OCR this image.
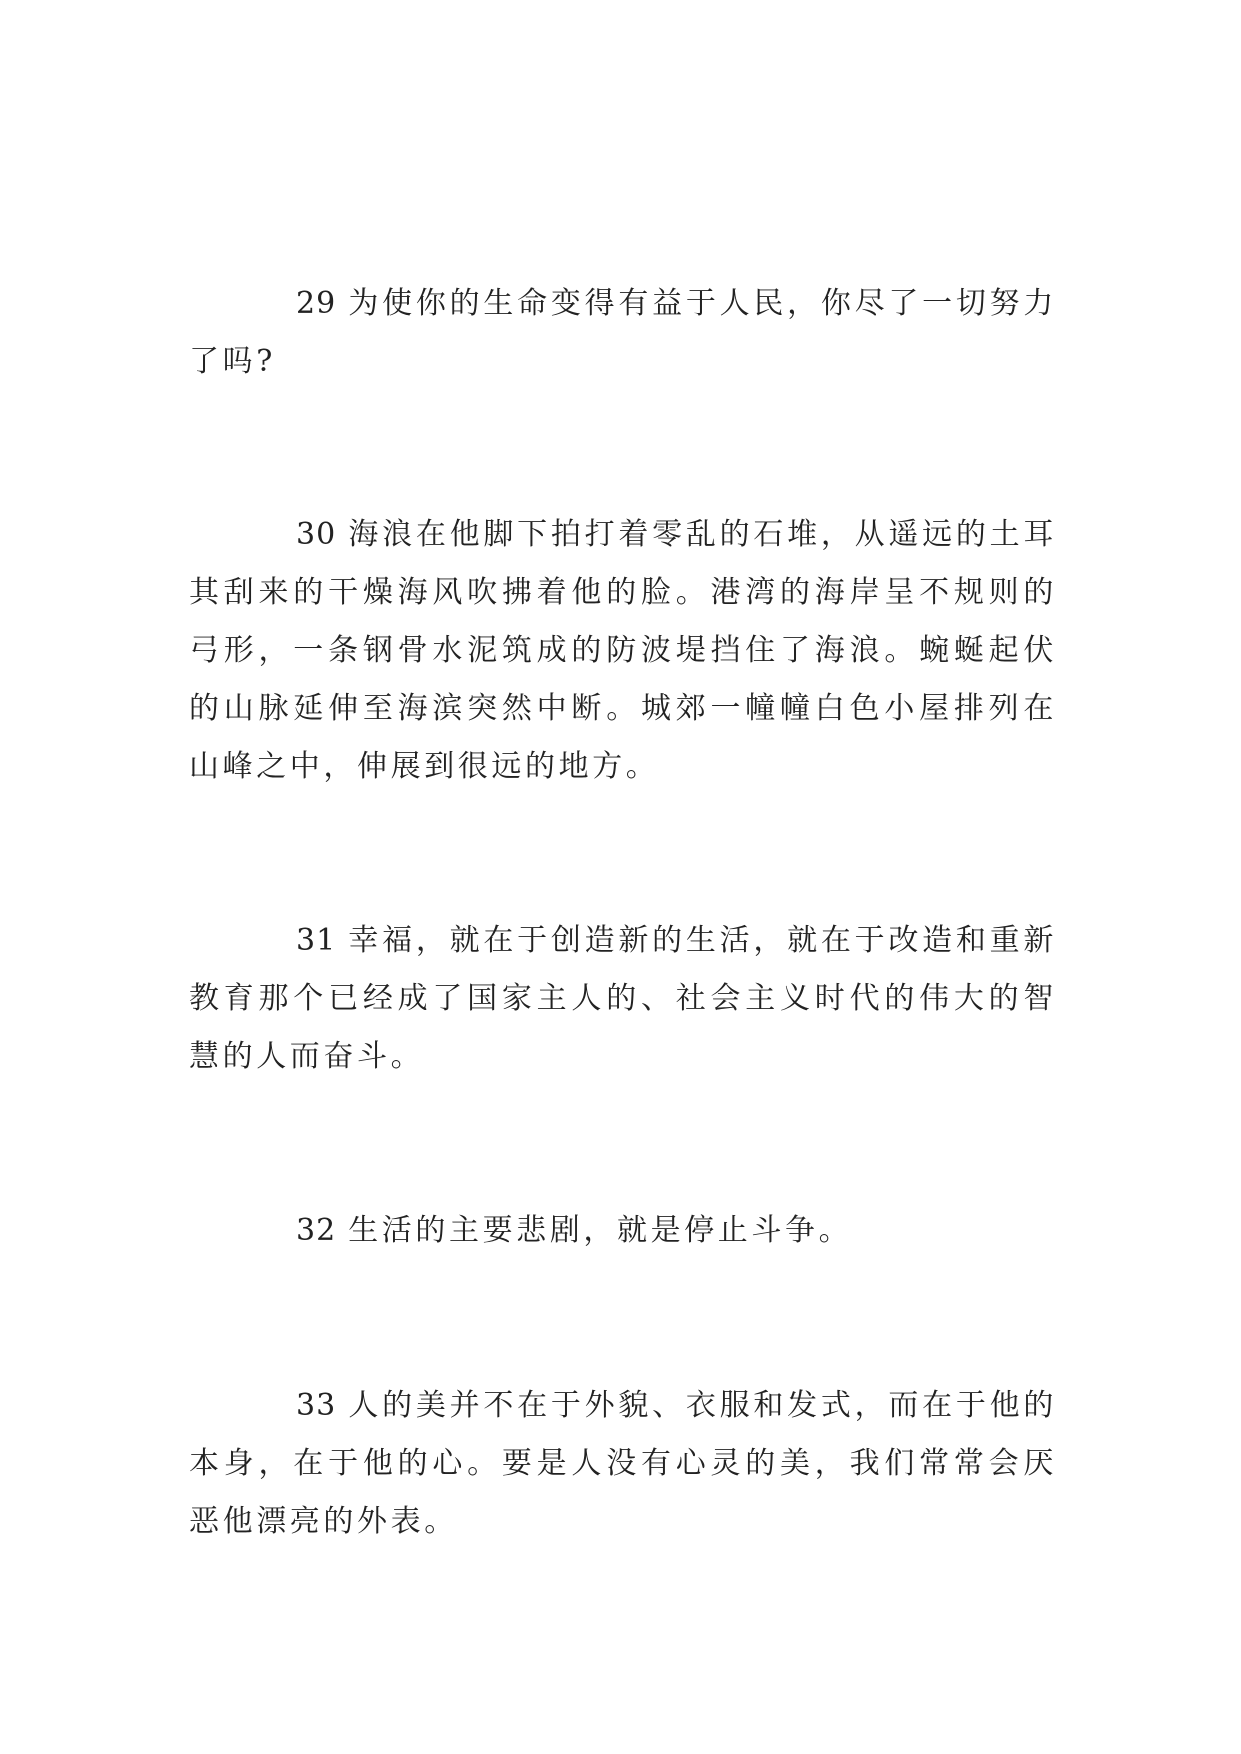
29 为使你的生命变得有益于人民，你尽了一切努力了吗?

30 海浪在他脚下拍打着零乱的石堆，从遥远的土耳其刮来的干燥海风吹拂着他的脸。港湾的海岸呈不规则的弓形，一条钢骨水泥筑成的防波堤挡住了海浪。蜿蜒起伏的山脉延伸至海滨突然中断。城郊一幢幢白色小屋排列在山峰之中，伸展到很远的地方。

31 幸福，就在于创造新的生活，就在于改造和重新教育那个已经成了国家主人的、社会主义时代的伟大的智慧的人而奋斗。

32 生活的主要悲剧，就是停止斗争。

33 人的美并不在于外貌、衣服和发式，而在于他的本身，在于他的心。要是人没有心灵的美，我们常常会厌恶他漂亮的外表。
